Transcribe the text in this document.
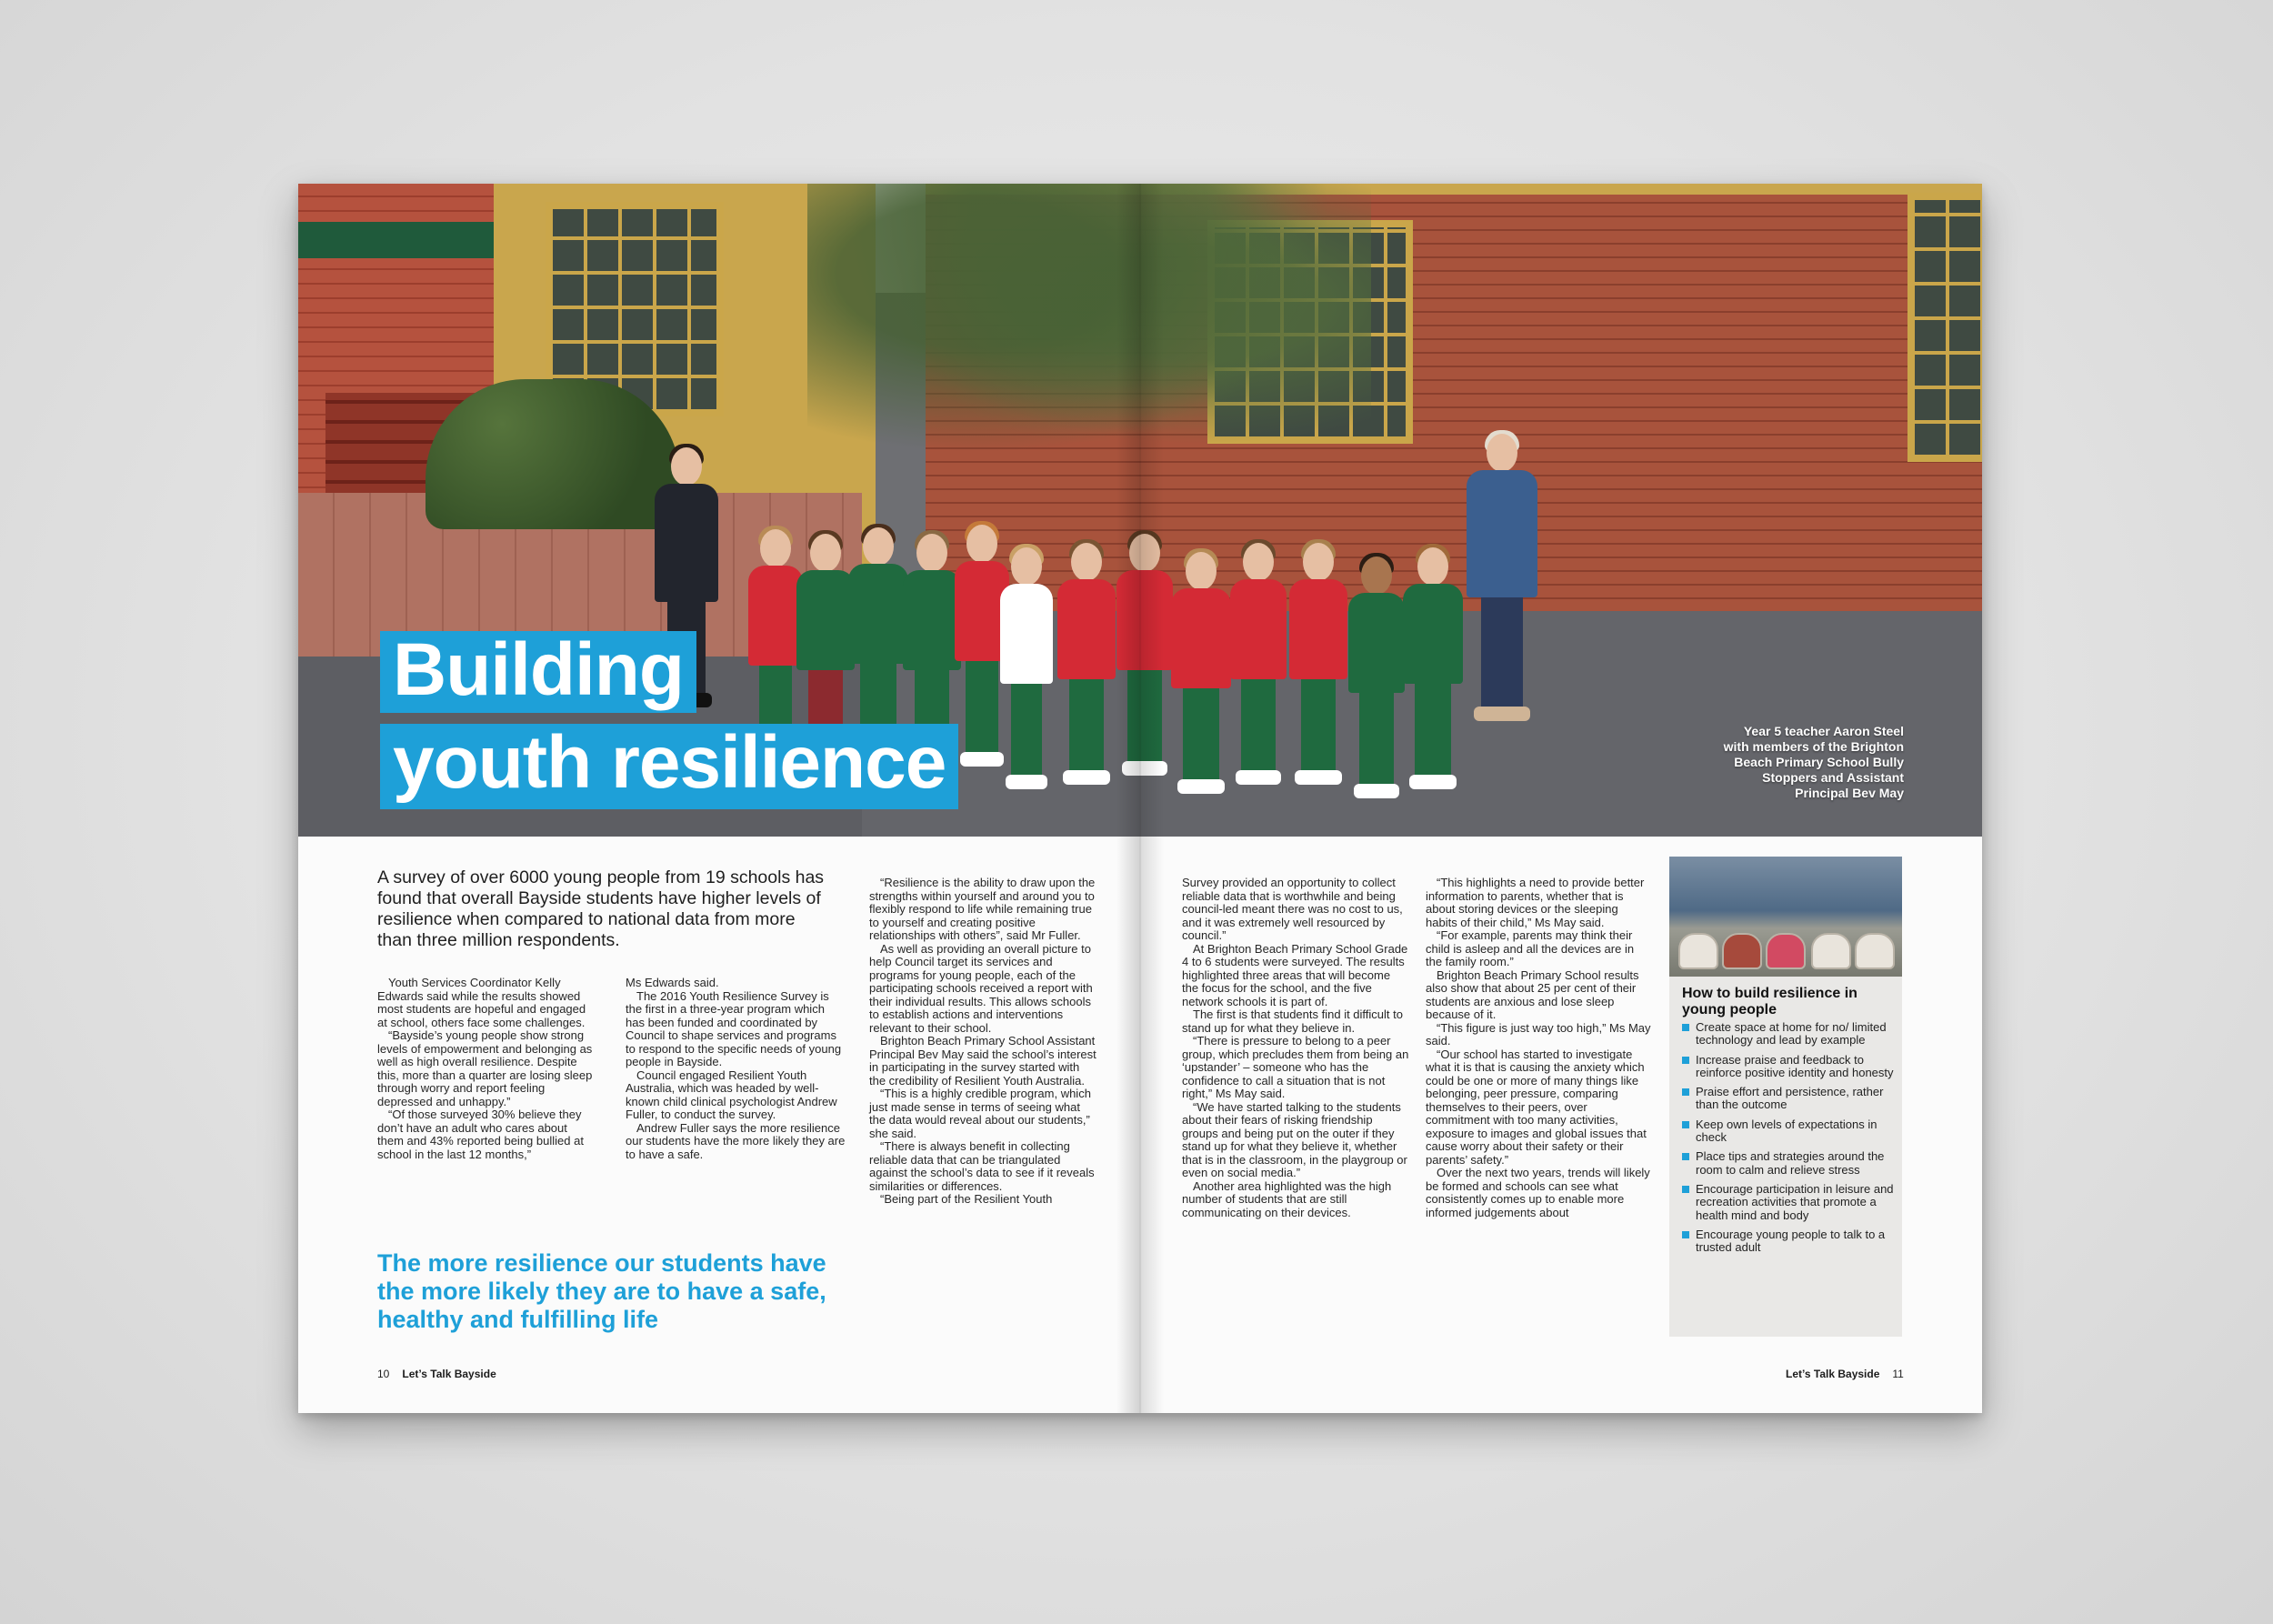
Building
youth resilience	Year 5 teacher Aaron Steel with members of the Brighton Beach Primary School Bully Stoppers and Assistant Principal Bev May
A survey of over 6000 young people from 19 schools has found that overall Bayside students have higher levels of resilience when compared to national data from more than three million respondents.

Youth Services Coordinator Kelly Edwards said while the results showed most students are hopeful and engaged at school, others face some challenges.

“Bayside’s young people show strong levels of empowerment and belonging as well as high overall resilience. Despite this, more than a quarter are losing sleep through worry and report feeling depressed and unhappy.”

“Of those surveyed 30% believe they don’t have an adult who cares about them and 43% reported being bullied at school in the last 12 months,”

Ms Edwards said.

The 2016 Youth Resilience Survey is the first in a three-year program which has been funded and coordinated by Council to shape services and programs to respond to the specific needs of young people in Bayside.

Council engaged Resilient Youth Australia, which was headed by well-known child clinical psychologist Andrew Fuller, to conduct the survey.

Andrew Fuller says the more resilience our students have the more likely they are to have a safe.

The more resilience our students have the more likely they are to have a safe, healthy and fulfilling life

“Resilience is the ability to draw upon the strengths within yourself and around you to flexibly respond to life while remaining true to yourself and creating positive relationships with others”, said Mr Fuller.

As well as providing an overall picture to help Council target its services and programs for young people, each of the participating schools received a report with their individual results. This allows schools to establish actions and interventions relevant to their school.

Brighton Beach Primary School Assistant Principal Bev May said the school’s interest in participating in the survey started with the credibility of Resilient Youth Australia.

“This is a highly credible program, which just made sense in terms of seeing what the data would reveal about our students,” she said.

“There is always benefit in collecting reliable data that can be triangulated against the school’s data to see if it reveals similarities or differences.

“Being part of the Resilient Youth

10 Let’s Talk Bayside

Survey provided an opportunity to collect reliable data that is worthwhile and being council-led meant there was no cost to us, and it was extremely well resourced by council.”

At Brighton Beach Primary School Grade 4 to 6 students were surveyed. The results highlighted three areas that will become the focus for the school, and the five network schools it is part of.

The first is that students find it difficult to stand up for what they believe in.

“There is pressure to belong to a peer group, which precludes them from being an ‘upstander’ – someone who has the confidence to call a situation that is not right,” Ms May said.

“We have started talking to the students about their fears of risking friendship groups and being put on the outer if they stand up for what they believe it, whether that is in the classroom, in the playgroup or even on social media.”

Another area highlighted was the high number of students that are still communicating on their devices.

“This highlights a need to provide better information to parents, whether that is about storing devices or the sleeping habits of their child,” Ms May said.

“For example, parents may think their child is asleep and all the devices are in the family room.”

Brighton Beach Primary School results also show that about 25 per cent of their students are anxious and lose sleep because of it.

“This figure is just way too high,” Ms May said.

“Our school has started to investigate what it is that is causing the anxiety which could be one or more of many things like belonging, peer pressure, comparing themselves to their peers, over commitment with too many activities, exposure to images and global issues that cause worry about their safety or their parents’ safety.”

Over the next two years, trends will likely be formed and schools can see what consistently comes up to enable more informed judgements about

How to build resilience in young people
Create space at home for no/ limited technology and lead by example
Increase praise and feedback to reinforce positive identity and honesty
Praise effort and persistence, rather than the outcome
Keep own levels of expectations in check
Place tips and strategies around the room to calm and relieve stress
Encourage participation in leisure and recreation activities that promote a health mind and body
Encourage young people to talk to a trusted adult
Let’s Talk Bayside 11
